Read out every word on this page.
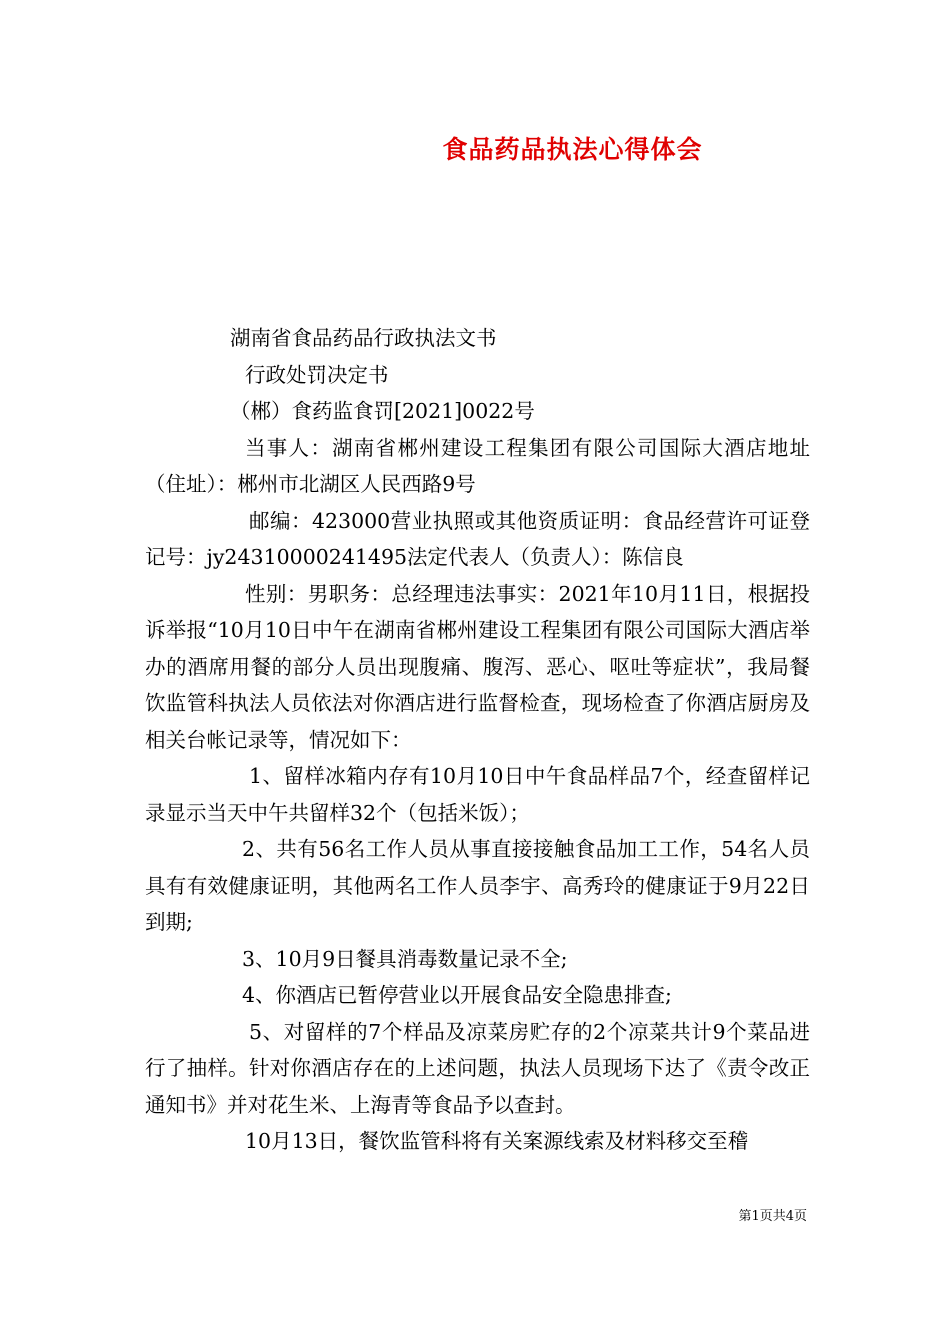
食品药品执法心得体会

湖南省食品药品行政执法文书

行政处罚决定书

（郴）食药监食罚[2021]0022号

当事人：湖南省郴州建设工程集团有限公司国际大酒店地址（住址）：郴州市北湖区人民西路9号

邮编：423000营业执照或其他资质证明：食品经营许可证登记号：jy24310000241495法定代表人（负责人）：陈信良

性别：男职务：总经理违法事实：2021年10月11日，根据投诉举报“10月10日中午在湖南省郴州建设工程集团有限公司国际大酒店举办的酒席用餐的部分人员出现腹痛、腹泻、恶心、呕吐等症状”，我局餐饮监管科执法人员依法对你酒店进行监督检查，现场检查了你酒店厨房及相关台帐记录等，情况如下：

1、留样冰箱内存有10月10日中午食品样品7个，经查留样记录显示当天中午共留样32个（包括米饭）；

2、共有56名工作人员从事直接接触食品加工工作，54名人员具有有效健康证明，其他两名工作人员李宇、高秀玲的健康证于9月22日到期;

3、10月9日餐具消毒数量记录不全;

4、你酒店已暂停营业以开展食品安全隐患排查;

5、对留样的7个样品及凉菜房贮存的2个凉菜共计9个菜品进行了抽样。针对你酒店存在的上述问题，执法人员现场下达了《责令改正通知书》并对花生米、上海青等食品予以查封。

10月13日，餐饮监管科将有关案源线索及材料移交至稽

第1页共4页
